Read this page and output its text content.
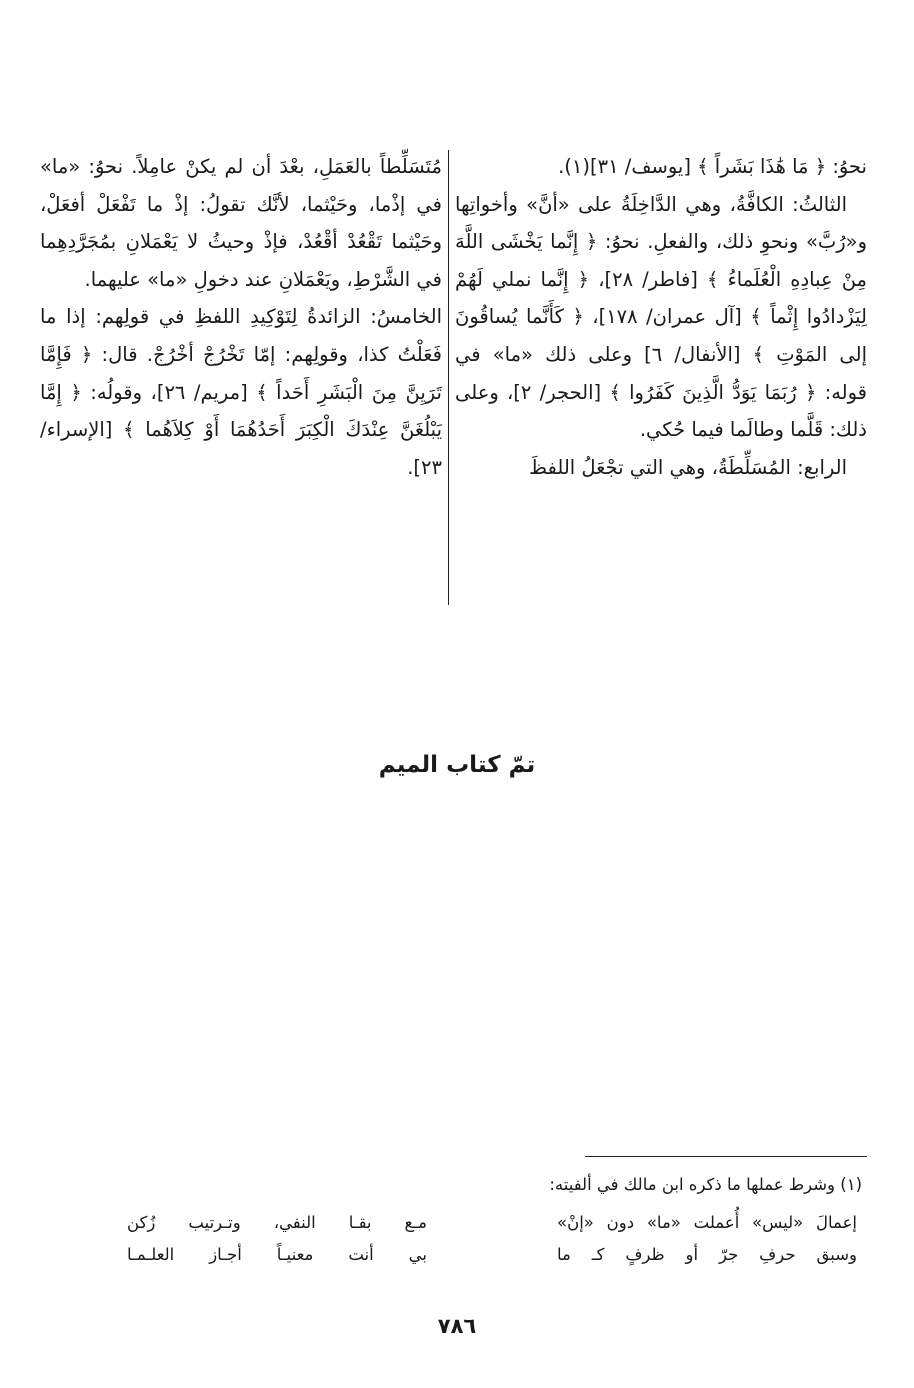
نحوُ: ﴿ مَا هَٰذَا بَشَراً ﴾ [يوسف/ ٣١](١).

الثالثُ: الكافَّةُ، وهي الدَّاخِلَةُ على «أنَّ» وأخواتِها و«رُبَّ» ونحوِ ذلك، والفعلِ. نحوُ: ﴿ إِنَّما يَخْشَى اللَّهَ مِنْ عِبادِهِ الْعُلَماءُ ﴾ [فاطر/ ٢٨]، ﴿ إِنَّما نملي لَهُمْ لِيَزْدادُوا إِثْماً ﴾ [آل عمران/ ١٧٨]، ﴿ كَأَنَّما يُساقُونَ إلى المَوْتِ ﴾ [الأنفال/ ٦] وعلى ذلك «ما» في قوله: ﴿ رُبَمَا يَوَدُّ الَّذِينَ كَفَرُوا ﴾ [الحجر/ ٢]، وعلى ذلك: قَلَّما وطالَما فيما حُكي.

الرابع: المُسَلِّطَةُ، وهي التي تجْعَلُ اللفظَ

مُتَسَلِّطاً بالعَمَلِ، بعْدَ أن لم يكنْ عامِلاً. نحوُ: «ما» في إذْما، وحَيْثما، لأنَّك تقولُ: إذْ ما تَفْعَلْ أفعَلْ، وحَيْثما تَقْعُدْ أقْعُدْ، فإذْ وحيثُ لا يَعْمَلانِ بمُجَرَّدِهِما في الشَّرْطِ، ويَعْمَلانِ عند دخولِ «ما» عليهما.

الخامسُ: الزائدةُ لِتَوْكِيدِ اللفظِ في قولِهم: إذا ما فَعَلْتُ كذا، وقولِهم: إمّا تَخْرُجْ أخْرُجْ. قال: ﴿ فَإِمَّا تَرَيِنَّ مِنَ الْبَشَرِ أَحَداً ﴾ [مريم/ ٢٦]، وقولُه: ﴿ إِمَّا يَبْلُغَنَّ عِنْدَكَ الْكِبَرَ أَحَدُهُمَا أَوْ كِلاَهُما ﴾ [الإسراء/ ٢٣].

تمّ كتاب الميم

(١) وشرط عملها ما ذكره ابن مالك في ألفيته:

إعمالَ «ليس» أُعملت «ما» دون «إنْ»
مـع بقـا النفي، وتـرتيب زُكن
وسبق حرفِ جرّ أو ظرفٍ كـ ما
بي أنت معنيـاً أجـاز العلـمـا
٧٨٦
